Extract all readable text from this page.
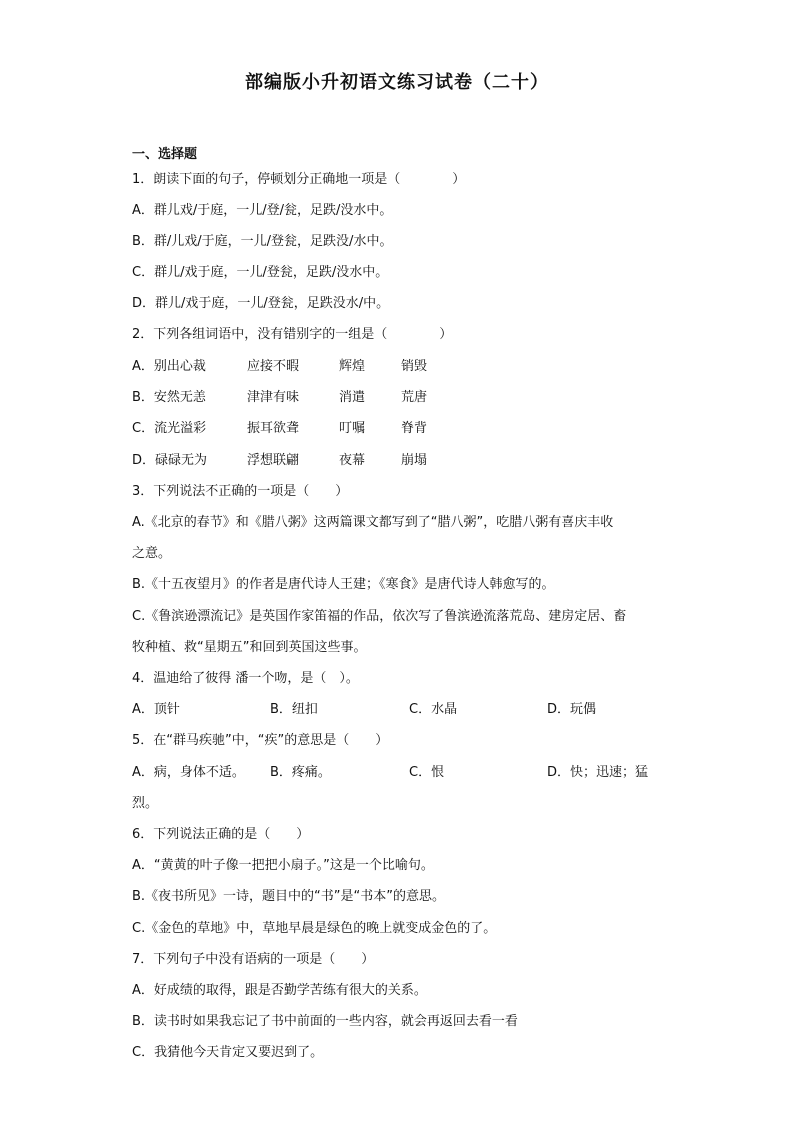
部编版小升初语文练习试卷（二十）
一、选择题
1．朗读下面的句子，停顿划分正确地一项是（　　　　）
A．群儿戏/于庭，一儿/登/瓮，足跌/没水中。
B．群/儿戏/于庭，一儿/登瓮，足跌没/水中。
C．群儿/戏于庭，一儿/登瓮，足跌/没水中。
D．群儿/戏于庭，一儿/登瓮，足跌没水/中。
2．下列各组词语中，没有错别字的一组是（　　　　）
A．别出心裁	应接不暇	辉煌	销毁
B．安然无恙	津津有味	消遣	荒唐
C．流光溢彩	振耳欲聋	叮嘱	脊背
D．碌碌无为	浮想联翩	夜幕	崩塌
3．下列说法不正确的一项是（　　）
A.《北京的春节》和《腊八粥》这两篇课文都写到了“腊八粥”，吃腊八粥有喜庆丰收
之意。
B.《十五夜望月》的作者是唐代诗人王建；《寒食》是唐代诗人韩愈写的。
C.《鲁滨逊漂流记》是英国作家笛福的作品，依次写了鲁滨逊流落荒岛、建房定居、畜
牧种植、救“星期五”和回到英国这些事。
4．温迪给了彼得 潘一个吻，是（　）。
A．顶针	B．纽扣	C．水晶	D．玩偶
5．在“群马疾驰”中，“疾”的意思是（　　）
A．病，身体不适。 B．疼痛。	C．恨	D．快；迅速；猛
烈。
6．下列说法正确的是（　　）
A．“黄黄的叶子像一把把小扇子。”这是一个比喻句。
B.《夜书所见》一诗，题目中的“书”是“书本”的意思。
C.《金色的草地》中，草地早晨是绿色的晚上就变成金色的了。
7．下列句子中没有语病的一项是（　　）
A．好成绩的取得，跟是否勤学苦练有很大的关系。
B．读书时如果我忘记了书中前面的一些内容，就会再返回去看一看
C．我猜他今天肯定又要迟到了。
